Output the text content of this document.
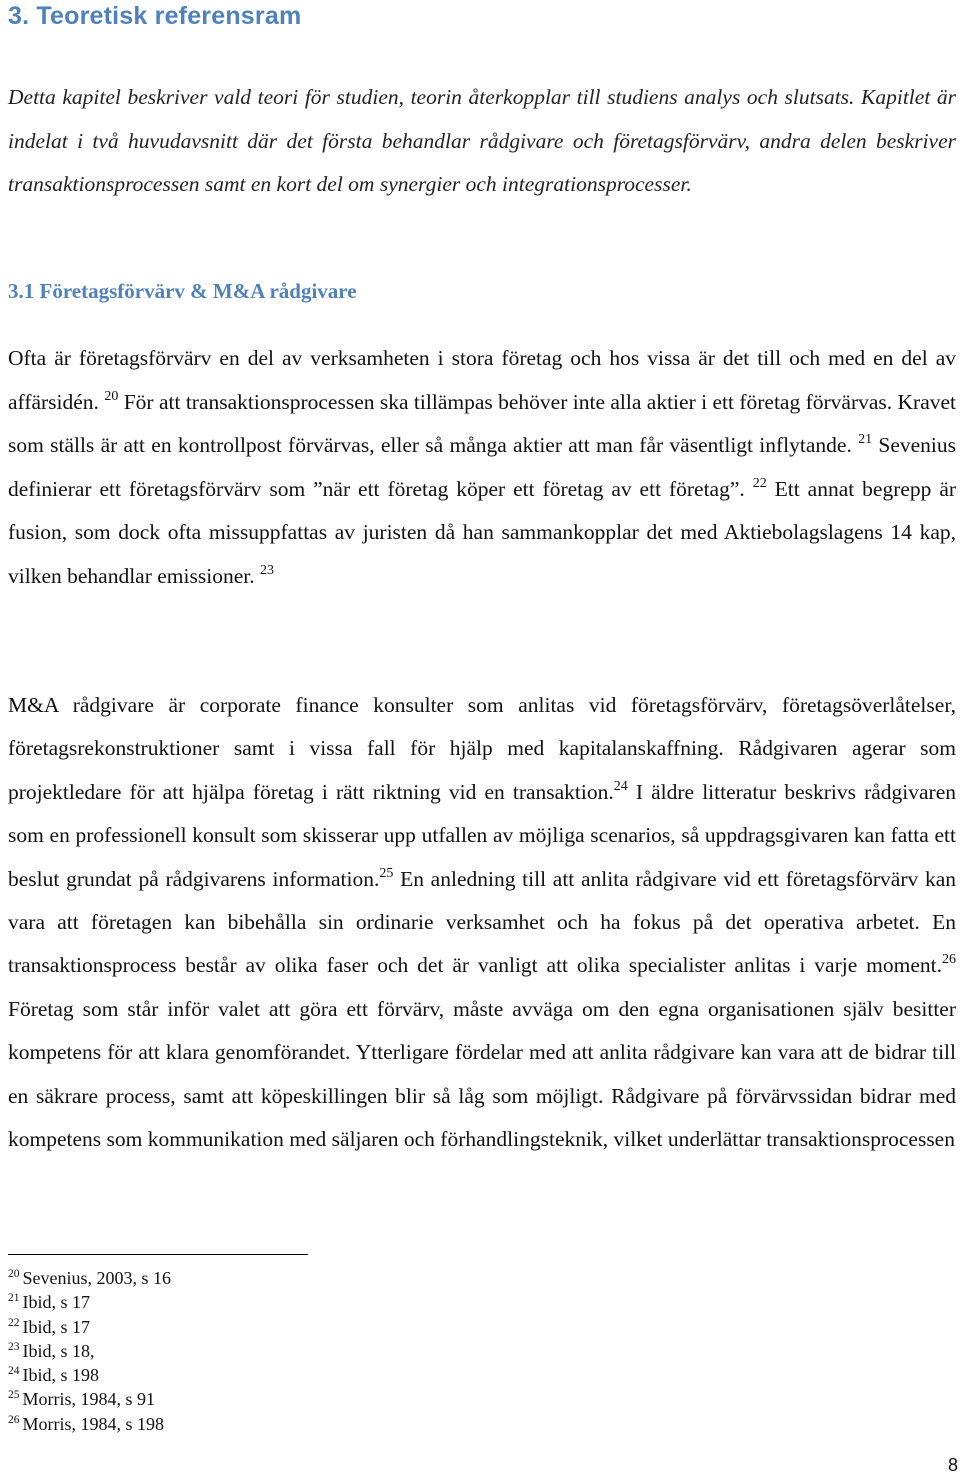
3. Teoretisk referensram

Detta kapitel beskriver vald teori för studien, teorin återkopplar till studiens analys och slutsats. Kapitlet är indelat i två huvudavsnitt där det första behandlar rådgivare och företagsförvärv, andra delen beskriver transaktionsprocessen samt en kort del om synergier och integrationsprocesser.

3.1 Företagsförvärv & M&A rådgivare

Ofta är företagsförvärv en del av verksamheten i stora företag och hos vissa är det till och med en del av affärsidén. $^{20}$ För att transaktionsprocessen ska tillämpas behöver inte alla aktier i ett företag förvärvas. Kravet som ställs är att en kontrollpost förvärvas, eller så många aktier att man får väsentligt inflytande. $^{21}$ Sevenius definierar ett företagsförvärv som ”när ett företag köper ett företag av ett företag”. $^{22}$ Ett annat begrepp är fusion, som dock ofta missuppfattas av juristen då han sammankopplar det med Aktiebolagslagens 14 kap, vilken behandlar emissioner. $^{23}$

M&A rådgivare är corporate finance konsulter som anlitas vid företagsförvärv, företagsöverlåtelser, företagsrekonstruktioner samt i vissa fall för hjälp med kapitalanskaffning. Rådgivaren agerar som projektledare för att hjälpa företag i rätt riktning vid en transaktion.$^{24}$ I äldre litteratur beskrivs rådgivaren som en professionell konsult som skisserar upp utfallen av möjliga scenarios, så uppdragsgivaren kan fatta ett beslut grundat på rådgivarens information.$^{25}$ En anledning till att anlita rådgivare vid ett företagsförvärv kan vara att företagen kan bibehålla sin ordinarie verksamhet och ha fokus på det operativa arbetet. En transaktionsprocess består av olika faser och det är vanligt att olika specialister anlitas i varje moment.$^{26}$ Företag som står inför valet att göra ett förvärv, måste avväga om den egna organisationen själv besitter kompetens för att klara genomförandet. Ytterligare fördelar med att anlita rådgivare kan vara att de bidrar till en säkrare process, samt att köpeskillingen blir så låg som möjligt. Rådgivare på förvärvssidan bidrar med kompetens som kommunikation med säljaren och förhandlingsteknik, vilket underlättar transaktionsprocessen

$^{20}$ Sevenius, 2003, s 16
$^{21}$ Ibid, s 17
$^{22}$ Ibid, s 17
$^{23}$ Ibid, s 18,
$^{24}$ Ibid, s 198
$^{25}$ Morris, 1984, s 91
$^{26}$ Morris, 1984, s 198
8
